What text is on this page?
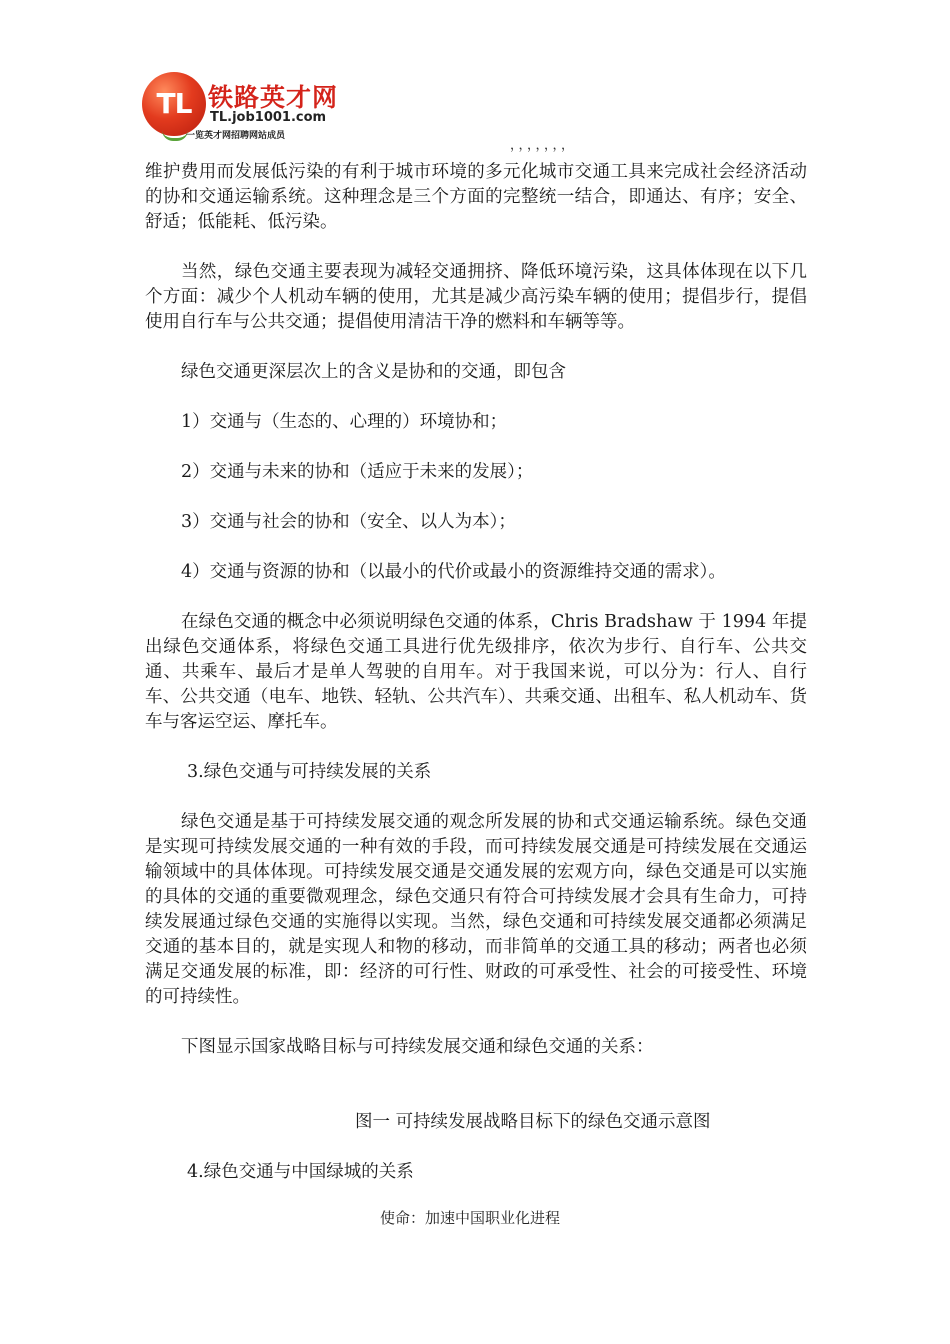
TL 铁路英才网
TL.job1001.com
一览英才网招聘网站成员
，，，，，，，

维护费用而发展低污染的有利于城市环境的多元化城市交通工具来完成社会经济活动的协和交通运输系统。这种理念是三个方面的完整统一结合，即通达、有序；安全、舒适；低能耗、低污染。

当然，绿色交通主要表现为减轻交通拥挤、降低环境污染，这具体体现在以下几个方面：减少个人机动车辆的使用，尤其是减少高污染车辆的使用；提倡步行，提倡使用自行车与公共交通；提倡使用清洁干净的燃料和车辆等等。

绿色交通更深层次上的含义是协和的交通，即包含

1）交通与（生态的、心理的）环境协和；

2）交通与未来的协和（适应于未来的发展）；

3）交通与社会的协和（安全、以人为本）；

4）交通与资源的协和（以最小的代价或最小的资源维持交通的需求）。

在绿色交通的概念中必须说明绿色交通的体系，Chris Bradshaw 于 1994 年提出绿色交通体系，将绿色交通工具进行优先级排序，依次为步行、自行车、公共交通、共乘车、最后才是单人驾驶的自用车。对于我国来说，可以分为：行人、自行车、公共交通（电车、地铁、轻轨、公共汽车）、共乘交通、出租车、私人机动车、货车与客运空运、摩托车。

3.绿色交通与可持续发展的关系

绿色交通是基于可持续发展交通的观念所发展的协和式交通运输系统。绿色交通是实现可持续发展交通的一种有效的手段，而可持续发展交通是可持续发展在交通运输领域中的具体体现。可持续发展交通是交通发展的宏观方向，绿色交通是可以实施的具体的交通的重要微观理念，绿色交通只有符合可持续发展才会具有生命力，可持续发展通过绿色交通的实施得以实现。当然，绿色交通和可持续发展交通都必须满足交通的基本目的，就是实现人和物的移动，而非简单的交通工具的移动；两者也必须满足交通发展的标准，即：经济的可行性、财政的可承受性、社会的可接受性、环境的可持续性。

下图显示国家战略目标与可持续发展交通和绿色交通的关系：

图一 可持续发展战略目标下的绿色交通示意图

4.绿色交通与中国绿城的关系

使命：加速中国职业化进程
